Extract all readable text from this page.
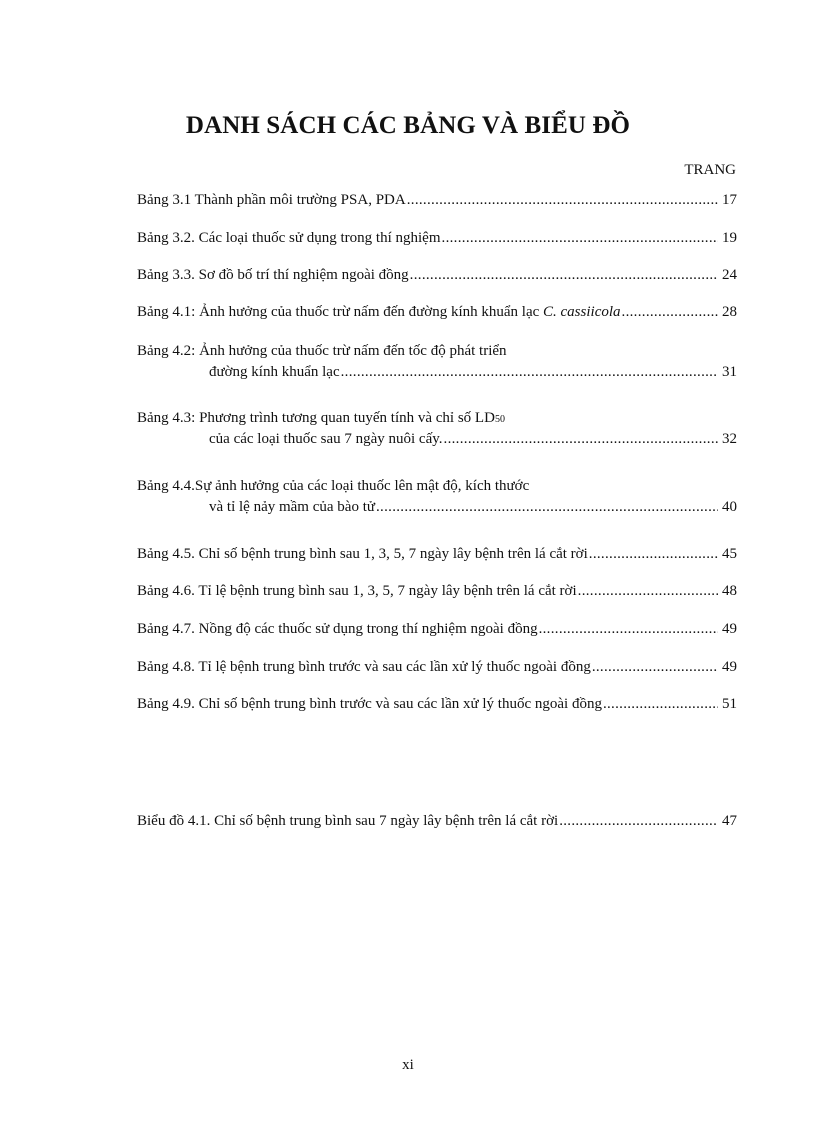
DANH SÁCH CÁC BẢNG VÀ BIỂU ĐỒ
TRANG
Bảng 3.1 Thành phần môi trường PSA, PDA .....	17
Bảng 3.2. Các loại thuốc sử dụng trong thí nghiệm .....	19
Bảng 3.3. Sơ đồ bố trí thí nghiệm ngoài đồng .....	24
Bảng 4.1: Ảnh hưởng của thuốc trừ nấm đến đường kính khuẩn lạc C. cassiicola .....	28
Bảng 4.2: Ảnh hưởng của thuốc trừ nấm đến tốc độ phát triển
đường kính khuẩn lạc .....	31
Bảng 4.3: Phương trình tương quan tuyến tính và chỉ số LD 50
của các loại thuốc sau 7 ngày nuôi cấy. .....	32
Bảng 4.4.Sự ảnh hưởng của các loại thuốc lên mật độ, kích thước
và tỉ lệ nảy mầm của bào tử .....	40
Bảng 4.5. Chỉ số bệnh trung bình sau 1, 3, 5, 7 ngày lây bệnh trên lá cắt rời .....	45
Bảng 4.6. Tỉ lệ bệnh trung bình sau 1, 3, 5, 7 ngày lây bệnh trên lá cắt rời .....	48
Bảng 4.7. Nồng độ các thuốc sử dụng trong thí nghiệm ngoài đồng .....	49
Bảng 4.8. Tỉ lệ bệnh trung bình trước và sau các lần xử lý thuốc ngoài đồng .....	49
Bảng 4.9. Chỉ số bệnh trung bình trước và sau các lần xử lý thuốc ngoài đồng .....	51
Biểu đồ 4.1. Chỉ số bệnh trung bình sau 7 ngày lây bệnh trên lá cắt rời .....	47
xi
